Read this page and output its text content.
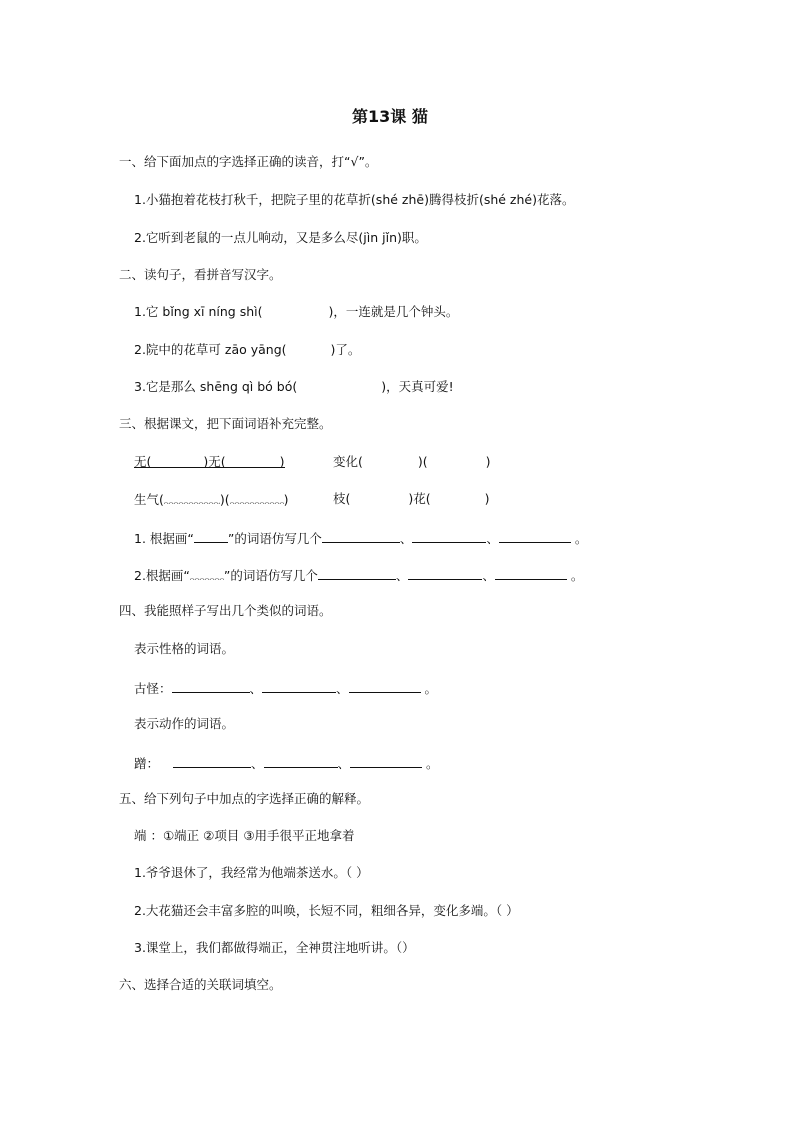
第13课 猫
一、给下面加点的字选择正确的读音，打“√”。
1.小猫抱着花枝打秋千，把院子里的花草折(shé zhē)腾得枝折(shé zhé)花落。
2.它听到老鼠的一点儿响动，又是多么尽(jìn jǐn)职。
二、读句子，看拼音写汉字。
1.它 bǐng xī níng shì(	)，一连就是几个钟头。
2.院中的花草可 zāo yāng(	)了。
3.它是那么 shēng qì bó bó(	)，天真可爱!
三、根据课文，把下面词语补充完整。
无(	)无(	)	变化(	)(	)
生气(	)(	)	枝(	)花(	)
1. 根据画“	”的词语仿写几个	、	、	。
2.根据画“	”的词语仿写几个	、	、	。
四、我能照样子写出几个类似的词语。
表示性格的词语。
古怪：	、	、	。
表示动作的词语。
蹭：	、	、	。
五、给下列句子中加点的字选择正确的解释。
端 ：①端正 ②项目 ③用手很平正地拿着
1.爷爷退休了，我经常为他端茶送水。（ ）
2.大花猫还会丰富多腔的叫唤，长短不同，粗细各异，变化多端。（ ）
3.课堂上，我们都做得端正，全神贯注地听讲。（）
六、选择合适的关联词填空。
